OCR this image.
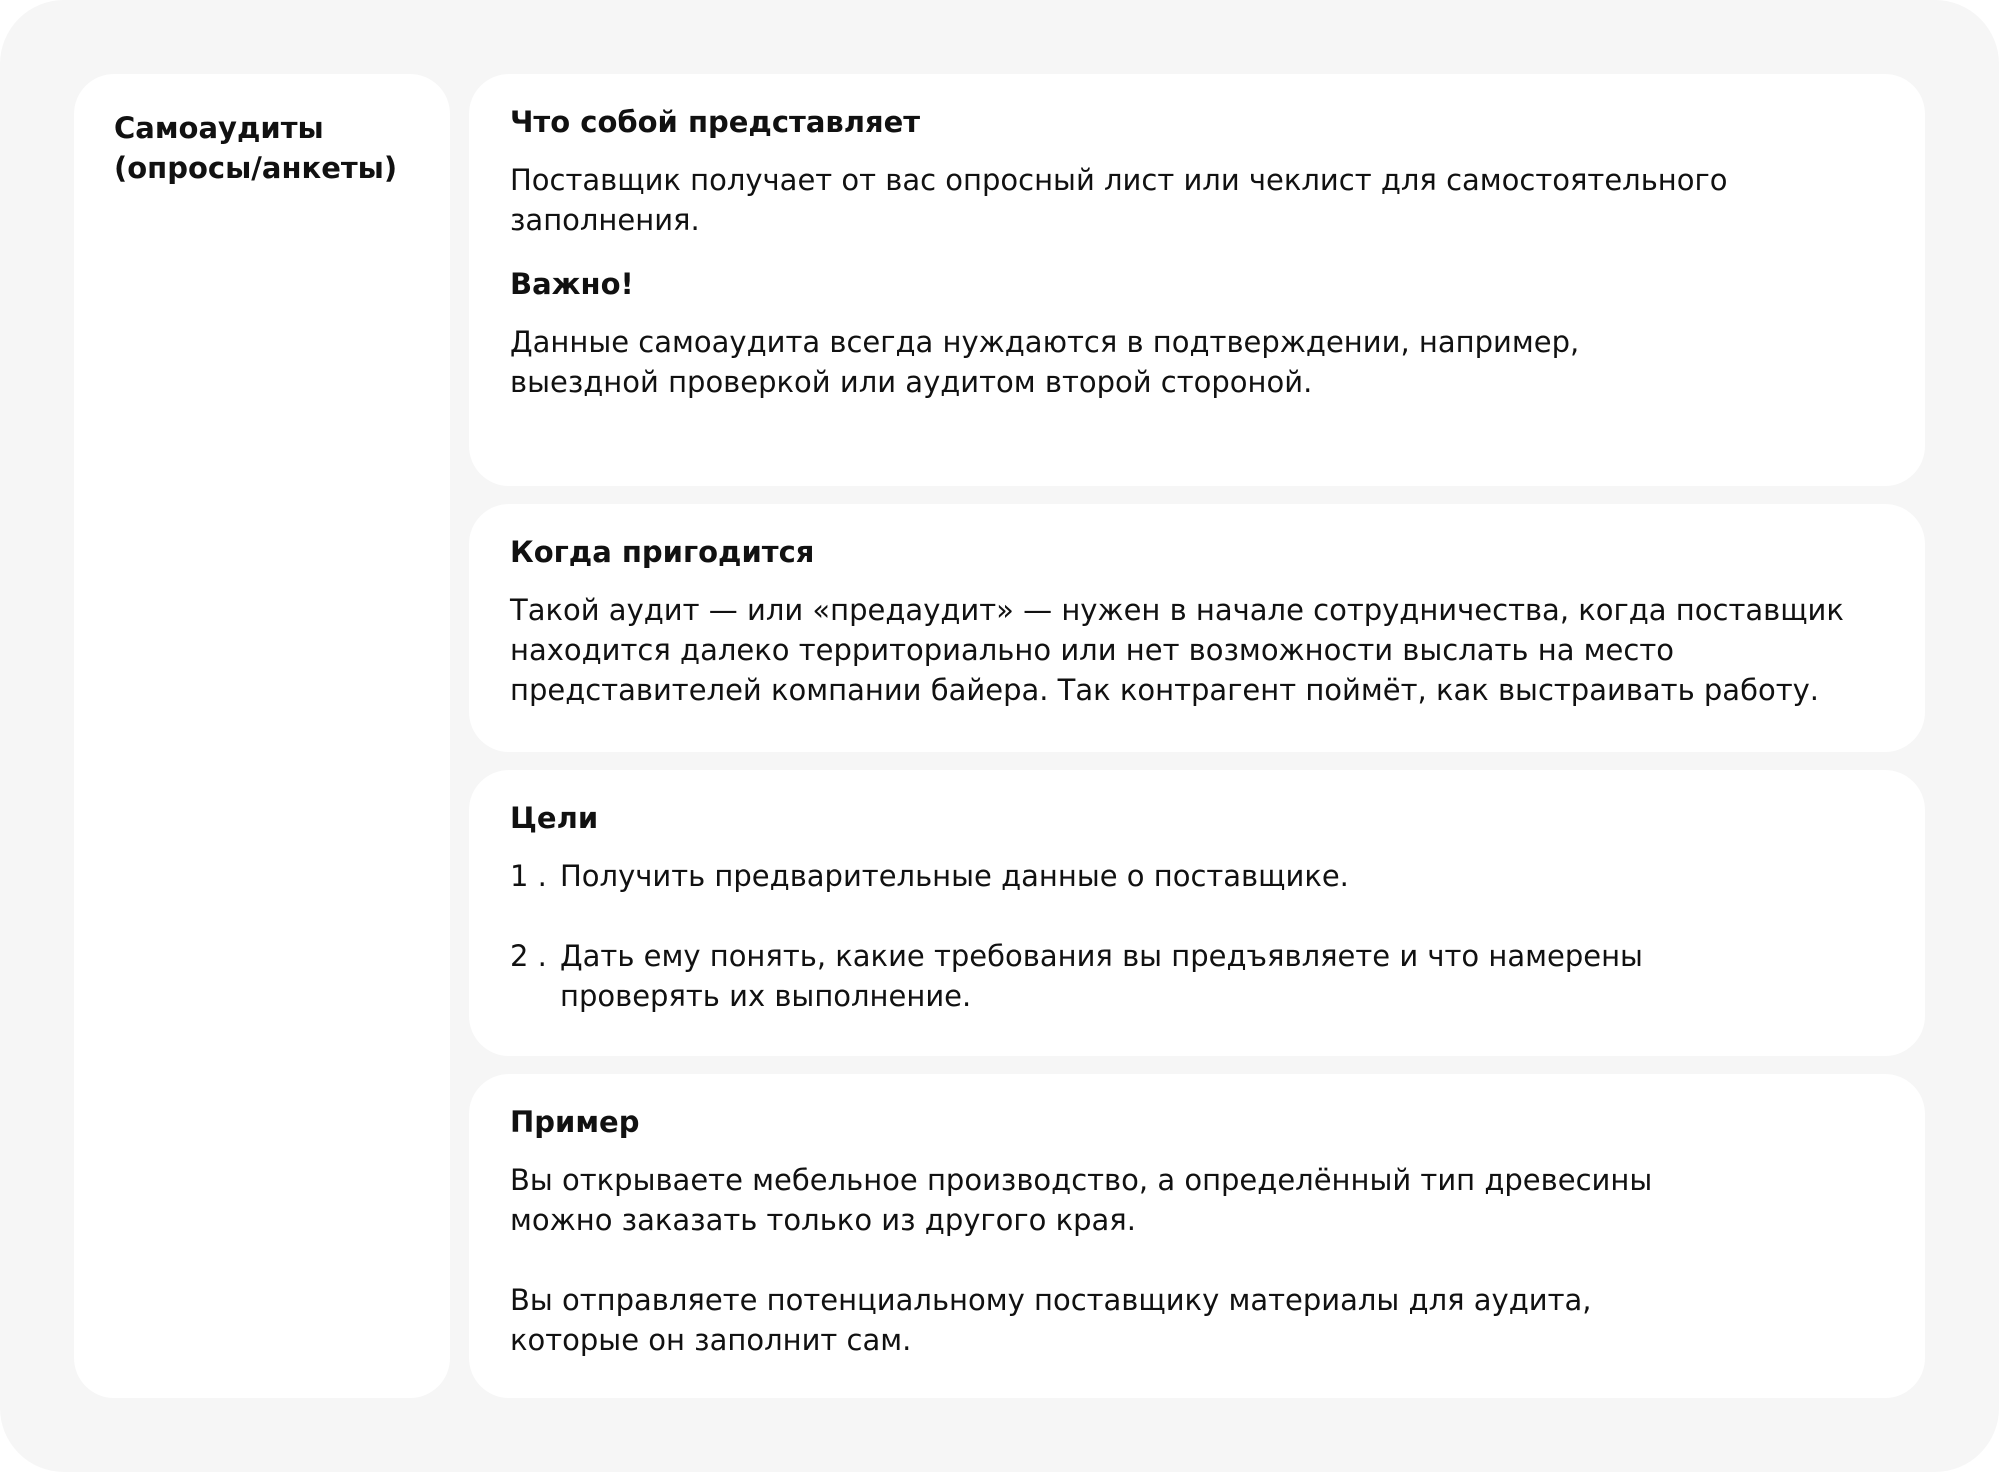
Самоаудиты (опросы/анкеты)
Что собой представляет

Поставщик получает от вас опросный лист или чеклист для самостоятельного заполнения.

Важно!

Данные самоаудита всегда нуждаются в подтверждении, например, выездной проверкой или аудитом второй стороной.

Когда пригодится

Такой аудит — или «предаудит» — нужен в начале сотрудничества, когда поставщик находится далеко территориально или нет возможности выслать на место представителей компании байера. Так контрагент поймёт, как выстраивать работу.

Цели
1 . Получить предварительные данные о поставщике.
2 . Дать ему понять, какие требования вы предъявляете и что намерены проверять их выполнение.
Пример

Вы открываете мебельное производство, а определённый тип древесины можно заказать только из другого края.

Вы отправляете потенциальному поставщику материалы для аудита, которые он заполнит сам.
